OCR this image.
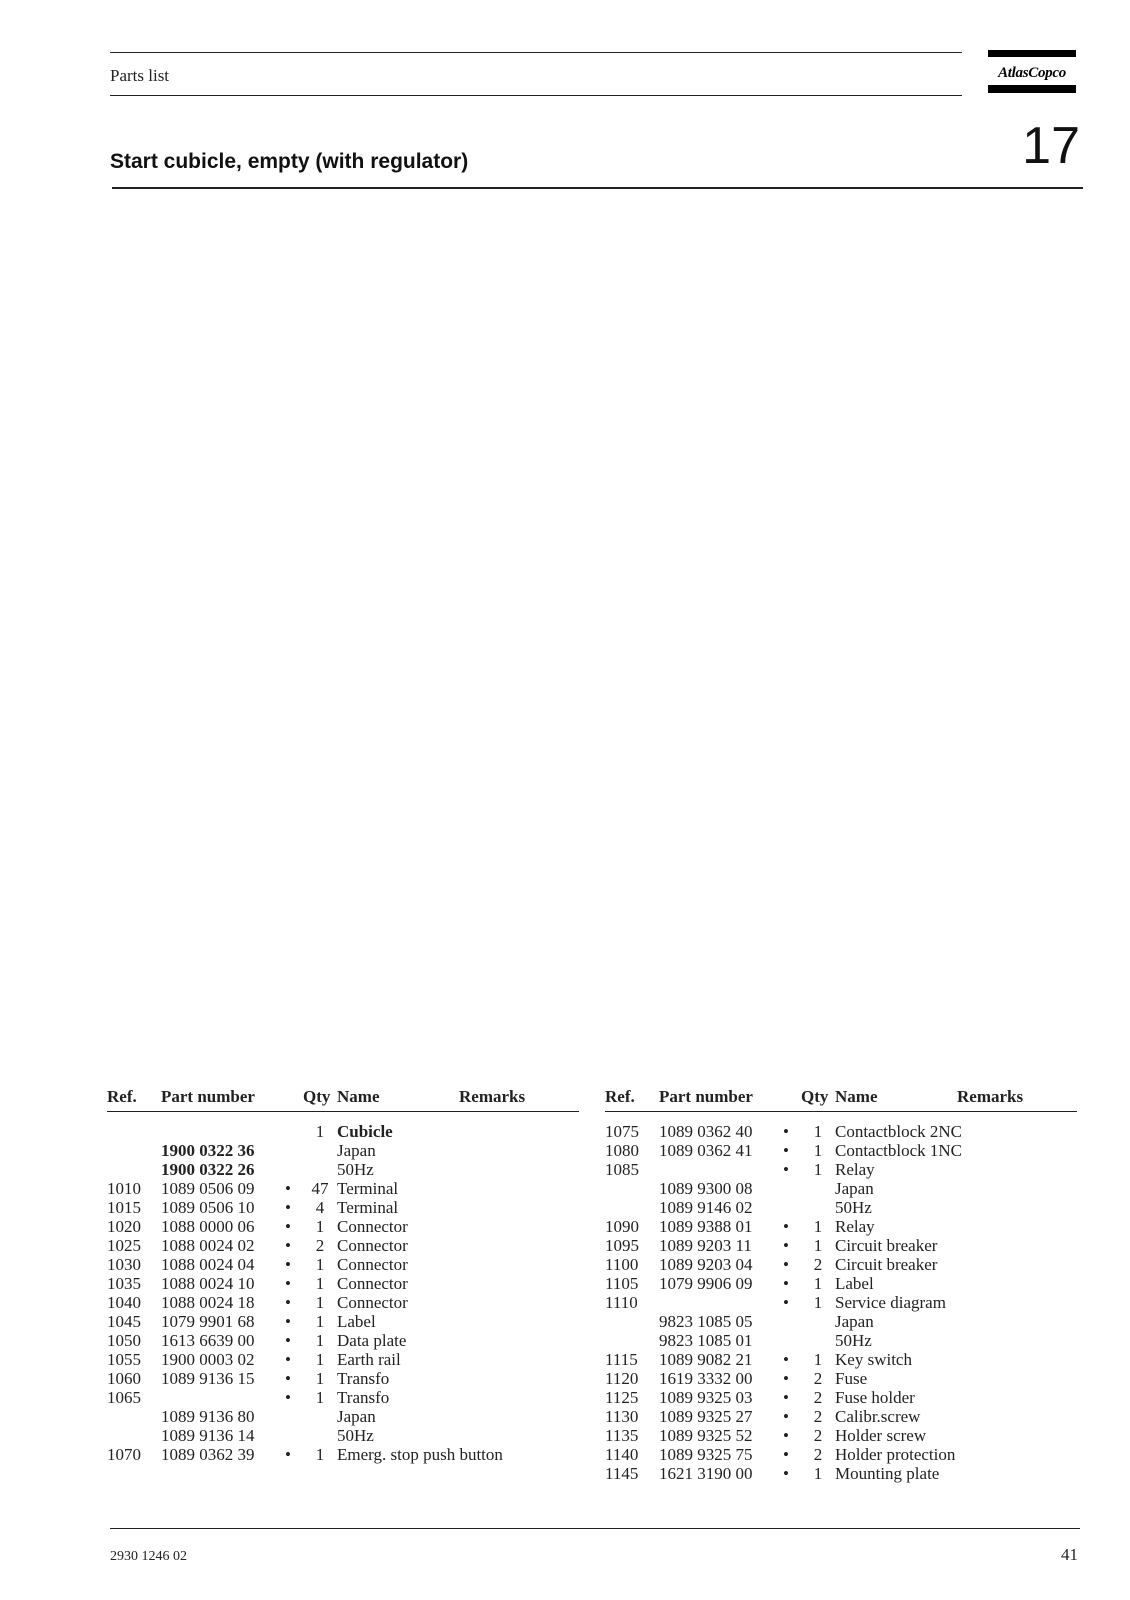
Parts list	AtlasCopco
Start cubicle, empty (with regulator)	17
Ref.	Part number		Qty	Name	Remarks
			1	Cubicle	
	1900 0322 36			Japan	
	1900 0322 26			50Hz	
1010	1089 0506 09	•	47	Terminal	
1015	1089 0506 10	•	4	Terminal	
1020	1088 0000 06	•	1	Connector	
1025	1088 0024 02	•	2	Connector	
1030	1088 0024 04	•	1	Connector	
1035	1088 0024 10	•	1	Connector	
1040	1088 0024 18	•	1	Connector	
1045	1079 9901 68	•	1	Label	
1050	1613 6639 00	•	1	Data plate	
1055	1900 0003 02	•	1	Earth rail	
1060	1089 9136 15	•	1	Transfo	
1065		•	1	Transfo	
	1089 9136 80			Japan	
	1089 9136 14			50Hz	
1070	1089 0362 39	•	1	Emerg. stop push button	
Ref.	Part number		Qty	Name	Remarks
1075	1089 0362 40	•	1	Contactblock 2NC	
1080	1089 0362 41	•	1	Contactblock 1NC	
1085		•	1	Relay	
	1089 9300 08			Japan	
	1089 9146 02			50Hz	
1090	1089 9388 01	•	1	Relay	
1095	1089 9203 11	•	1	Circuit breaker	
1100	1089 9203 04	•	2	Circuit breaker	
1105	1079 9906 09	•	1	Label	
1110		•	1	Service diagram	
	9823 1085 05			Japan	
	9823 1085 01			50Hz	
1115	1089 9082 21	•	1	Key switch	
1120	1619 3332 00	•	2	Fuse	
1125	1089 9325 03	•	2	Fuse holder	
1130	1089 9325 27	•	2	Calibr.screw	
1135	1089 9325 52	•	2	Holder screw	
1140	1089 9325 75	•	2	Holder protection	
1145	1621 3190 00	•	1	Mounting plate	
2930 1246 02	41
